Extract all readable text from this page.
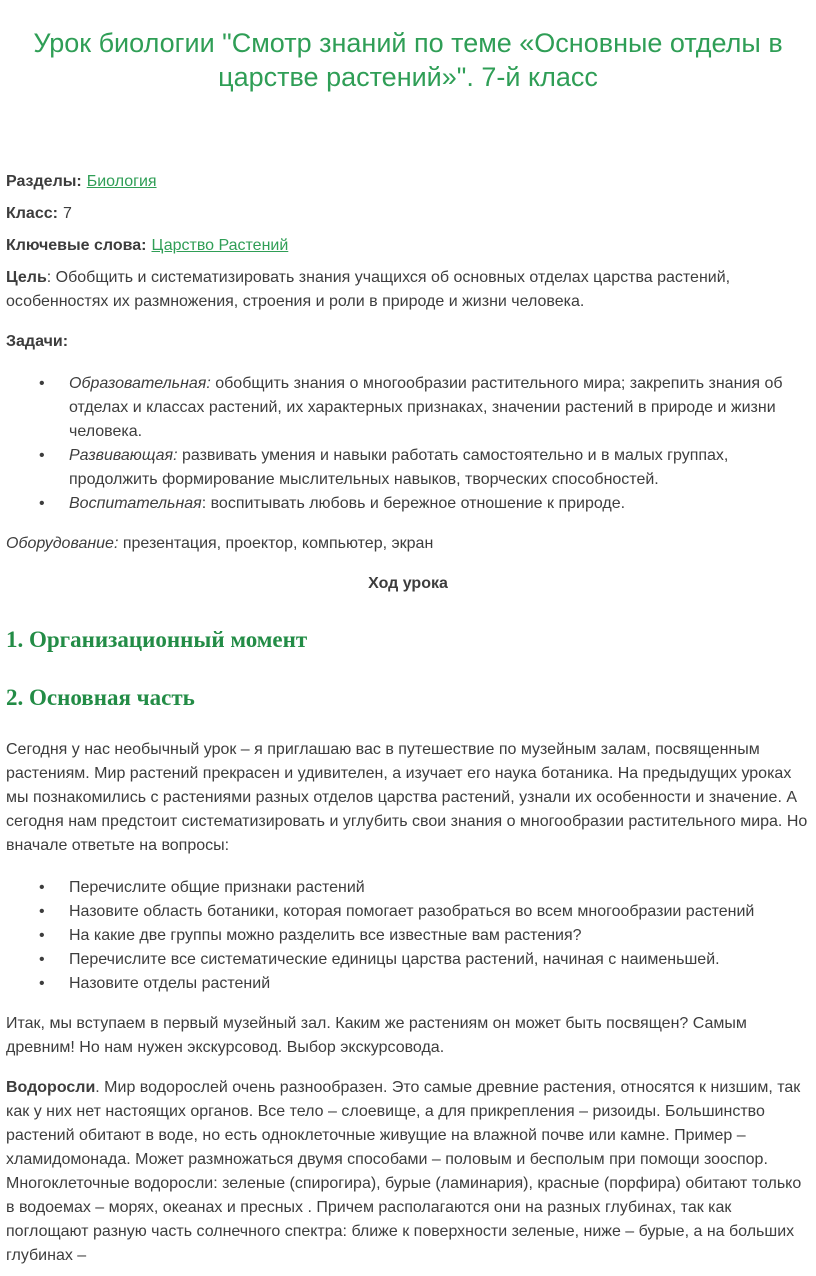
Урок биологии "Смотр знаний по теме «Основные отделы в царстве растений»". 7-й класс

Разделы: Биология

Класс: 7

Ключевые слова: Царство Растений

Цель: Обобщить и систематизировать знания учащихся об основных отделах царства растений, особенностях их размножения, строения и роли в природе и жизни человека.

Задачи:

• Образовательная: обобщить знания о многообразии растительного мира; закрепить знания об отделах и классах растений, их характерных признаках, значении растений в природе и жизни человека.
• Развивающая: развивать умения и навыки работать самостоятельно и в малых группах, продолжить формирование мыслительных навыков, творческих способностей.
• Воспитательная: воспитывать любовь и бережное отношение к природе.

Оборудование: презентация, проектор, компьютер, экран

Ход урока

1. Организационный момент
2. Основная часть

Сегодня у нас необычный урок – я приглашаю вас в путешествие по музейным залам, посвященным растениям. Мир растений прекрасен и удивителен, а изучает его наука ботаника. На предыдущих уроках мы познакомились с растениями разных отделов царства растений, узнали их особенности и значение. А сегодня нам предстоит систематизировать и углубить свои знания о многообразии растительного мира. Но вначале ответьте на вопросы:

• Перечислите общие признаки растений
• Назовите область ботаники, которая помогает разобраться во всем многообразии растений
• На какие две группы можно разделить все известные вам растения?
• Перечислите все систематические единицы царства растений, начиная с наименьшей.
• Назовите отделы растений

Итак, мы вступаем в первый музейный зал. Каким же растениям он может быть посвящен? Самым древним! Но нам нужен экскурсовод. Выбор экскурсовода.

Водоросли. Мир водорослей очень разнообразен. Это самые древние растения, относятся к низшим, так как у них нет настоящих органов. Все тело – слоевище, а для прикрепления – ризоиды. Большинство растений обитают в воде, но есть одноклеточные живущие на влажной почве или камне. Пример – хламидомонада. Может размножаться двумя способами – половым и бесполым при помощи зооспор. Многоклеточные водоросли: зеленые (спирогира), бурые (ламинария), красные (порфира) обитают только в водоемах – морях, океанах и пресных . Причем располагаются они на разных глубинах, так как поглощают разную часть солнечного спектра: ближе к поверхности зеленые, ниже – бурые, а на больших глубинах –
